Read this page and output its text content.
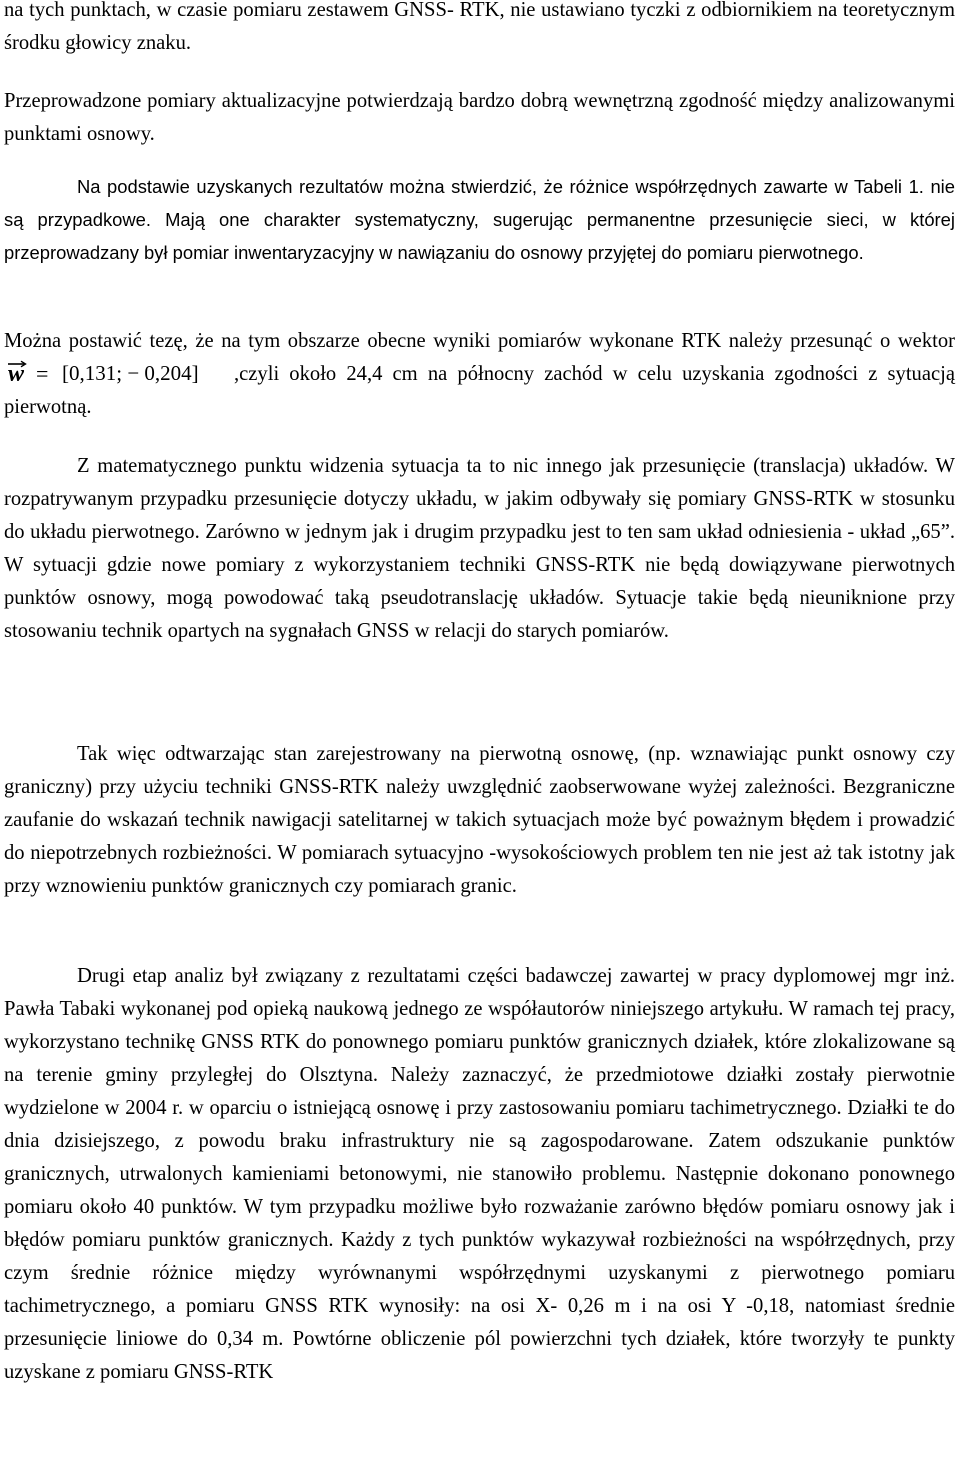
na tych punktach, w czasie pomiaru zestawem GNSS- RTK, nie ustawiano tyczki z odbiornikiem na teoretycznym środku głowicy znaku.

Przeprowadzone pomiary aktualizacyjne potwierdzają bardzo dobrą wewnętrzną zgodność między analizowanymi punktami osnowy.

Na podstawie uzyskanych rezultatów można stwierdzić, że różnice współrzędnych zawarte w Tabeli 1. nie są przypadkowe. Mają one charakter systematyczny, sugerując permanentne przesunięcie sieci, w której przeprowadzany był pomiar inwentaryzacyjny w nawiązaniu do osnowy przyjętej do pomiaru pierwotnego.

Można postawić tezę, że na tym obszarze obecne wyniki pomiarów wykonane RTK należy przesunąć o wektor
w = [0,131; − 0,204] ,czyli około 24,4 cm na północny zachód w celu uzyskania zgodności z sytuacją pierwotną.

Z matematycznego punktu widzenia sytuacja ta to nic innego jak przesunięcie (translacja) układów. W rozpatrywanym przypadku przesunięcie dotyczy układu, w jakim odbywały się pomiary GNSS-RTK w stosunku do układu pierwotnego. Zarówno w jednym jak i drugim przypadku jest to ten sam układ odniesienia - układ „65”. W sytuacji gdzie nowe pomiary z wykorzystaniem techniki GNSS-RTK nie będą dowiązywane pierwotnych punktów osnowy, mogą powodować taką pseudotranslację układów. Sytuacje takie będą nieuniknione przy stosowaniu technik opartych na sygnałach GNSS w relacji do starych pomiarów.

Tak więc odtwarzając stan zarejestrowany na pierwotną osnowę, (np. wznawiając punkt osnowy czy graniczny) przy użyciu techniki GNSS-RTK należy uwzględnić zaobserwowane wyżej zależności. Bezgraniczne zaufanie do wskazań technik nawigacji satelitarnej w takich sytuacjach może być poważnym błędem i prowadzić do niepotrzebnych rozbieżności. W pomiarach sytuacyjno -wysokościowych problem ten nie jest aż tak istotny jak przy wznowieniu punktów granicznych czy pomiarach granic.

Drugi etap analiz był związany z rezultatami części badawczej zawartej w pracy dyplomowej mgr inż. Pawła Tabaki wykonanej pod opieką naukową jednego ze współautorów niniejszego artykułu. W ramach tej pracy, wykorzystano technikę GNSS RTK do ponownego pomiaru punktów granicznych działek, które zlokalizowane są na terenie gminy przyległej do Olsztyna. Należy zaznaczyć, że przedmiotowe działki zostały pierwotnie wydzielone w 2004 r. w oparciu o istniejącą osnowę i przy zastosowaniu pomiaru tachimetrycznego. Działki te do dnia dzisiejszego, z powodu braku infrastruktury nie są zagospodarowane. Zatem odszukanie punktów granicznych, utrwalonych kamieniami betonowymi, nie stanowiło problemu. Następnie dokonano ponownego pomiaru około 40 punktów. W tym przypadku możliwe było rozważanie zarówno błędów pomiaru osnowy jak i błędów pomiaru punktów granicznych. Każdy z tych punktów wykazywał rozbieżności na współrzędnych, przy czym średnie różnice między wyrównanymi współrzędnymi uzyskanymi z pierwotnego pomiaru tachimetrycznego, a pomiaru GNSS RTK wynosiły: na osi X- 0,26 m i na osi Y -0,18, natomiast średnie przesunięcie liniowe do 0,34 m. Powtórne obliczenie pól powierzchni tych działek, które tworzyły te punkty uzyskane z pomiaru GNSS-RTK
